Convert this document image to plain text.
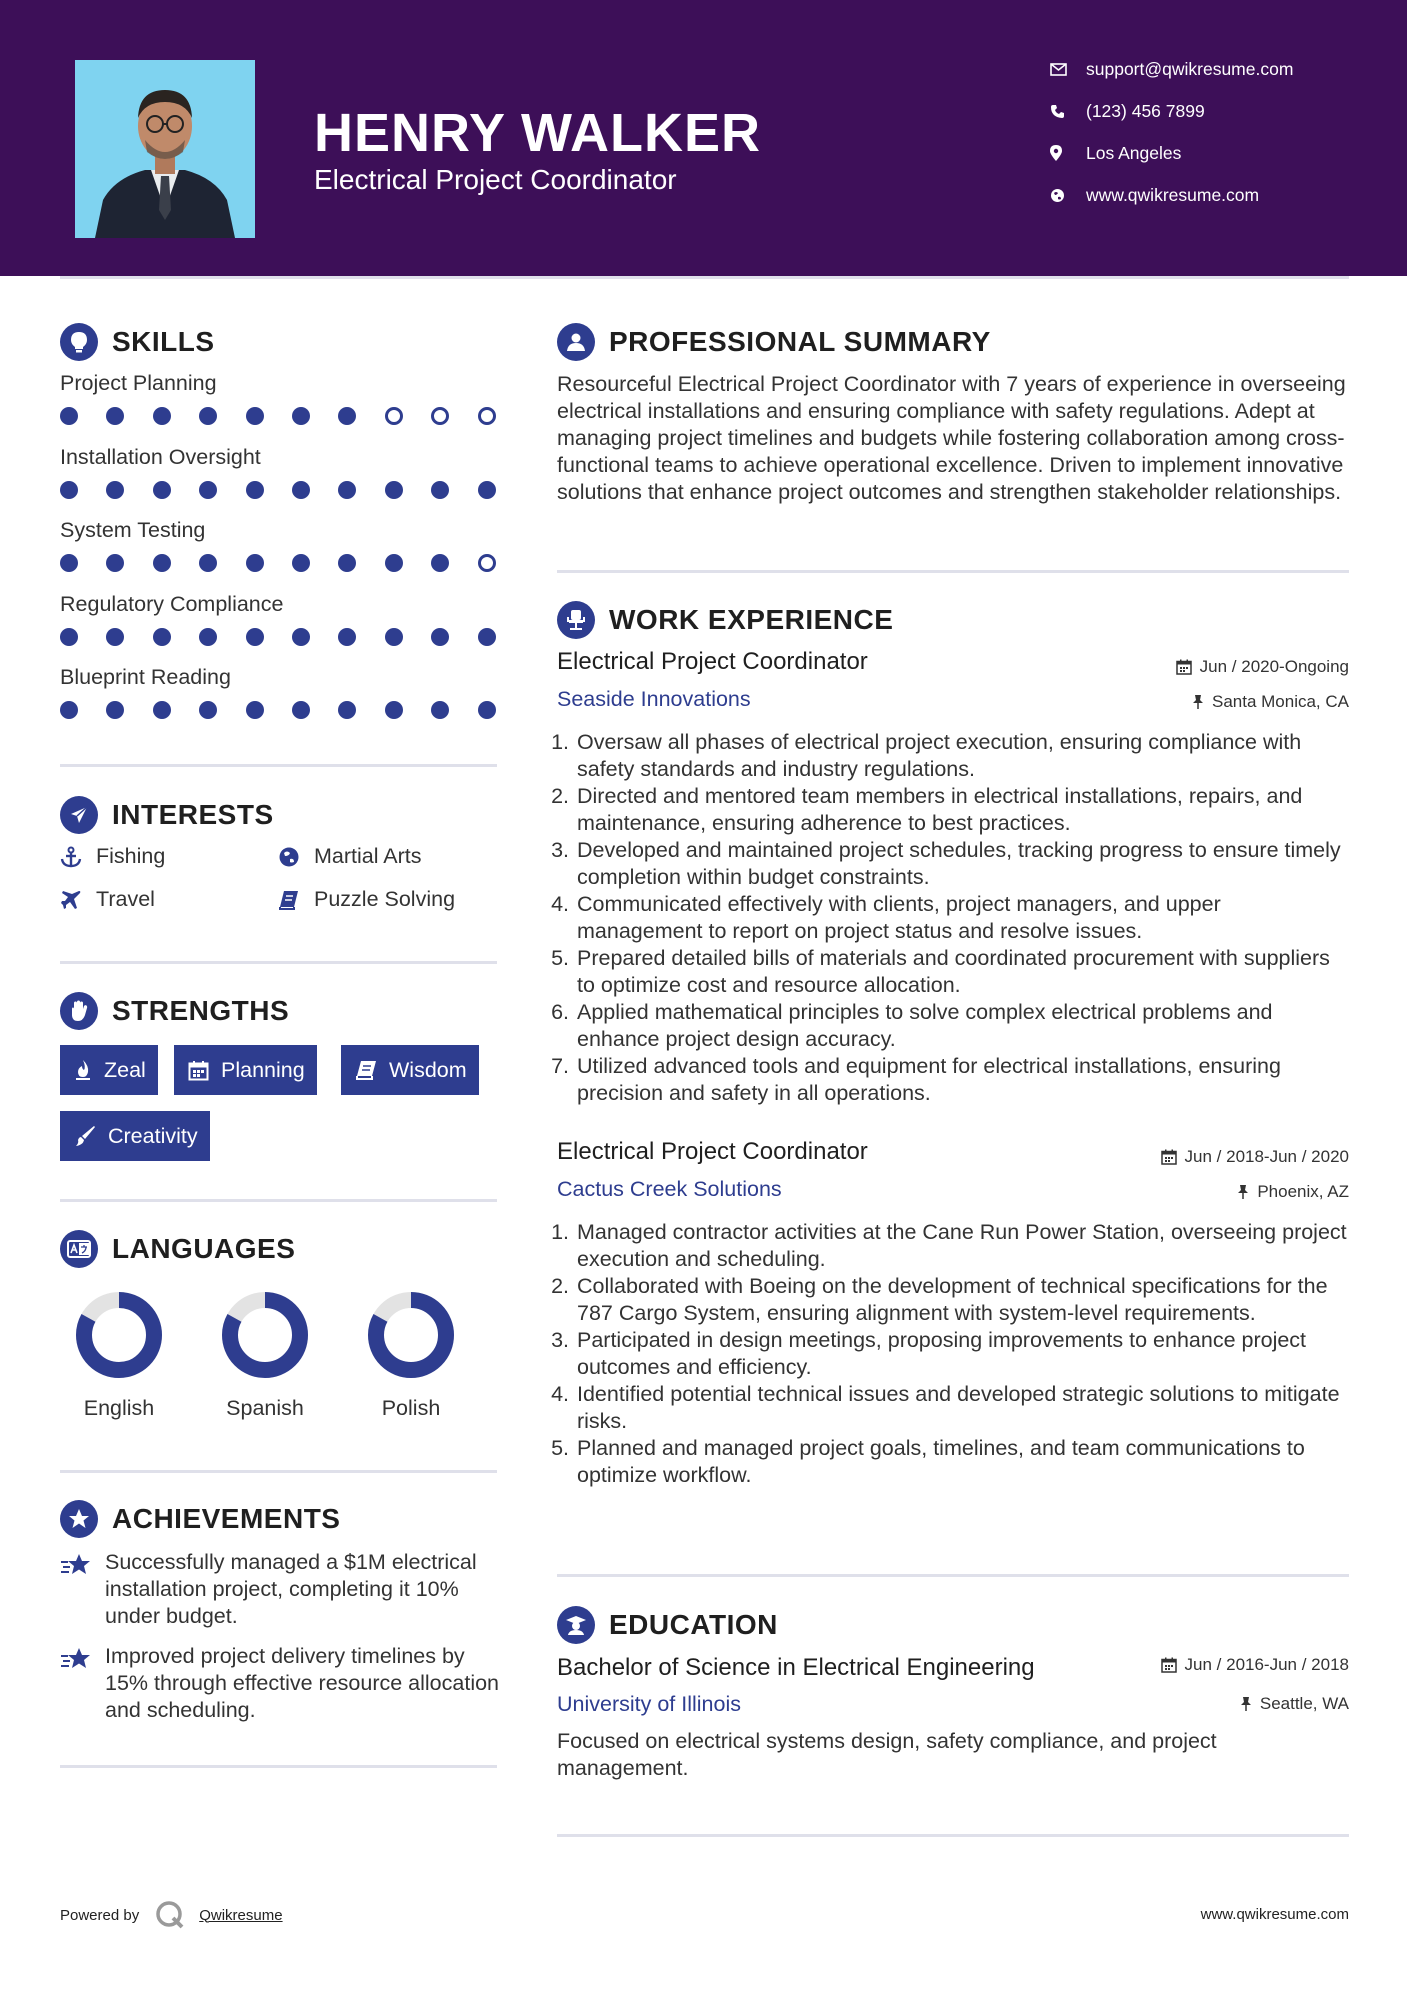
HENRY WALKER
Electrical Project Coordinator
support@qwikresume.com
(123) 456 7899
Los Angeles
www.qwikresume.com
SKILLS
Project Planning
Installation Oversight
System Testing
Regulatory Compliance
Blueprint Reading
INTERESTS
Fishing	Martial Arts
Travel	Puzzle Solving
STRENGTHS
Zeal	Planning	Wisdom
Creativity
LANGUAGES
English	Spanish	Polish
ACHIEVEMENTS
Successfully managed a $1M electrical installation project, completing it 10% under budget.
Improved project delivery timelines by 15% through effective resource allocation and scheduling.
PROFESSIONAL SUMMARY
Resourceful Electrical Project Coordinator with 7 years of experience in overseeing electrical installations and ensuring compliance with safety regulations. Adept at managing project timelines and budgets while fostering collaboration among cross-functional teams to achieve operational excellence. Driven to implement innovative solutions that enhance project outcomes and strengthen stakeholder relationships.
WORK EXPERIENCE
Electrical Project Coordinator	Jun / 2020-Ongoing
Seaside Innovations	Santa Monica, CA
1. Oversaw all phases of electrical project execution, ensuring compliance with safety standards and industry regulations.
2. Directed and mentored team members in electrical installations, repairs, and maintenance, ensuring adherence to best practices.
3. Developed and maintained project schedules, tracking progress to ensure timely completion within budget constraints.
4. Communicated effectively with clients, project managers, and upper management to report on project status and resolve issues.
5. Prepared detailed bills of materials and coordinated procurement with suppliers to optimize cost and resource allocation.
6. Applied mathematical principles to solve complex electrical problems and enhance project design accuracy.
7. Utilized advanced tools and equipment for electrical installations, ensuring precision and safety in all operations.
Electrical Project Coordinator	Jun / 2018-Jun / 2020
Cactus Creek Solutions	Phoenix, AZ
1. Managed contractor activities at the Cane Run Power Station, overseeing project execution and scheduling.
2. Collaborated with Boeing on the development of technical specifications for the 787 Cargo System, ensuring alignment with system-level requirements.
3. Participated in design meetings, proposing improvements to enhance project outcomes and efficiency.
4. Identified potential technical issues and developed strategic solutions to mitigate risks.
5. Planned and managed project goals, timelines, and team communications to optimize workflow.
EDUCATION
Bachelor of Science in Electrical Engineering	Jun / 2016-Jun / 2018
University of Illinois	Seattle, WA
Focused on electrical systems design, safety compliance, and project management.
Powered by	Qwikresume	www.qwikresume.com
